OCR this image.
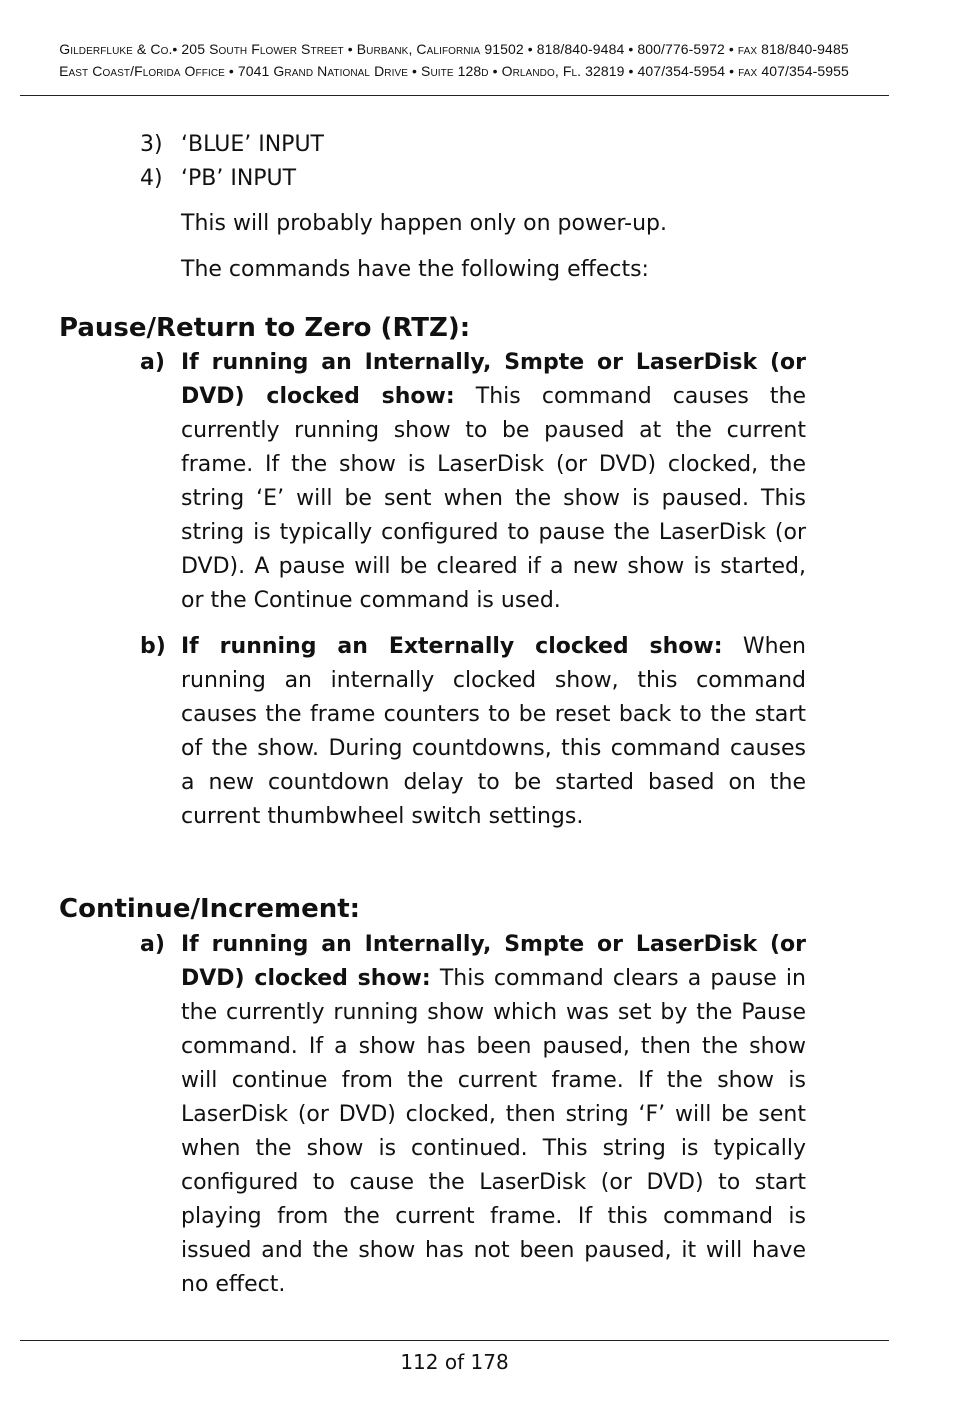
Gilderfluke & Co.• 205 South Flower Street • Burbank, California 91502 • 818/840-9484 • 800/776-5972 • fax 818/840-9485
East Coast/Florida Office • 7041 Grand National Drive • Suite 128d • Orlando, Fl. 32819 • 407/354-5954 • fax 407/354-5955
3) ‘BLUE’ INPUT
4) ‘PB’ INPUT
This will probably happen only on power-up.
The commands have the following effects:
Pause/Return to Zero (RTZ):
a) If running an Internally, Smpte or LaserDisk (or DVD) clocked show: This command causes the currently running show to be paused at the current frame. If the show is LaserDisk (or DVD) clocked, the string ‘E’ will be sent when the show is paused. This string is typically configured to pause the LaserDisk (or DVD). A pause will be cleared if a new show is started, or the Continue command is used.
b) If running an Externally clocked show: When running an internally clocked show, this command causes the frame counters to be reset back to the start of the show. During countdowns, this command causes a new countdown delay to be started based on the current thumbwheel switch settings.
Continue/Increment:
a) If running an Internally, Smpte or LaserDisk (or DVD) clocked show: This command clears a pause in the currently running show which was set by the Pause command. If a show has been paused, then the show will continue from the current frame. If the show is LaserDisk (or DVD) clocked, then string ‘F’ will be sent when the show is continued. This string is typically configured to cause the LaserDisk (or DVD) to start playing from the current frame. If this command is issued and the show has not been paused, it will have no effect.
112 of 178
